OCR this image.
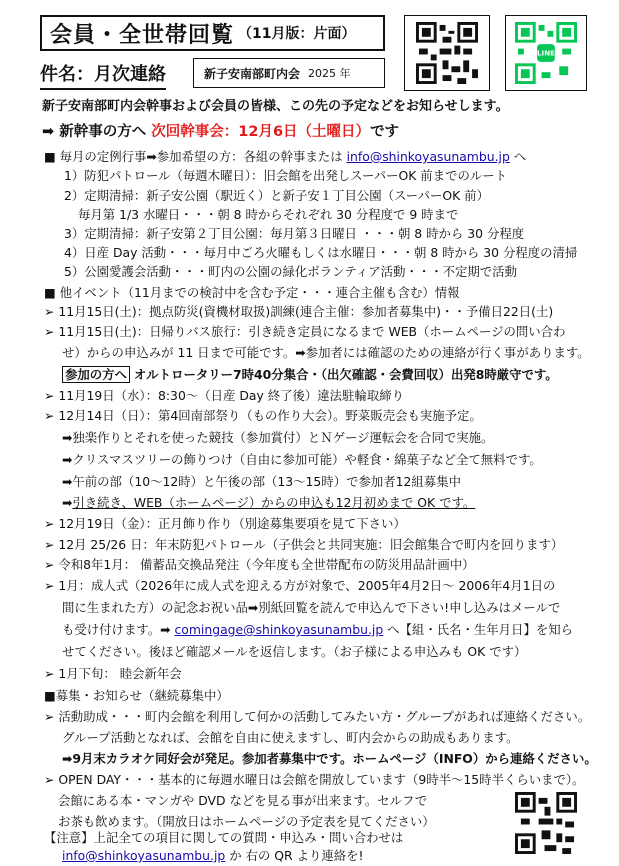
会員・全世帯回覧 （11月版：片面）
件名：月次連絡	新子安南部町内会 2025 年
LINE
新子安南部町内会幹事および会員の皆様、この先の予定などをお知らせします。
➡ 新幹事の方へ 次回幹事会：12月6日（土曜日）です
■ 毎月の定例行事➡参加希望の方：各組の幹事または info@shinkoyasunambu.jp へ
1）防犯パトロール（毎週木曜日）：旧会館を出発しスーパーOK 前までのルート
2）定期清掃：新子安公園（駅近く）と新子安１丁目公園（スーパーOK 前）
毎月第 1/3 水曜日・・・朝 8 時からそれぞれ 30 分程度で 9 時まで
3）定期清掃：新子安第２丁目公園：毎月第３日曜日 ・・・朝 8 時から 30 分程度
4）日産 Day 活動・・・毎月中ごろ火曜もしくは水曜日・・・朝 8 時から 30 分程度の清掃
5）公園愛護会活動・・・町内の公園の緑化ボランティア活動・・・不定期で活動
■ 他イベント（11月までの検討中を含む予定・・・連合主催も含む）情報
➢ 11月15日(土)：拠点防災(資機材取扱)訓練(連合主催：参加者募集中)・・予備日22日(土)
➢ 11月15日(土)：日帰りバス旅行：引き続き定員になるまで WEB（ホームページの問い合わ
せ）からの申込みが 11 日まで可能です。➡参加者には確認のための連絡が行く事があります。
参加の方へ オルトロータリー7時40分集合・（出欠確認・会費回収）出発8時厳守です。
➢ 11月19日（水）：8:30～（日産 Day 終了後）違法駐輪取締り
➢ 12月14日（日）：第4回南部祭り（もの作り大会）。野菜販売会も実施予定。
➡独楽作りとそれを使った競技（参加賞付）とＮゲージ運転会を合同で実施。
➡クリスマスツリーの飾りつけ（自由に参加可能）や軽食・綿菓子など全て無料です。
➡午前の部（10～12時）と午後の部（13～15時）で参加者12組募集中
➡引き続き、WEB（ホームページ）からの申込も12月初めまで OK です。
➢ 12月19日（金）：正月飾り作り（別途募集要項を見て下さい）
➢ 12月 25/26 日：年末防犯パトロール（子供会と共同実施：旧会館集合で町内を回ります）
➢ 令和8年1月： 備蓄品交換品発注（今年度も全世帯配布の防災用品計画中）
➢ 1月：成人式（2026年に成人式を迎える方が対象で、2005年4月2日～ 2006年4月1日の
間に生まれた方）の記念お祝い品➡別紙回覧を読んで申込んで下さい!申し込みはメールで
も受け付けます。➡ comingage@shinkoyasunambu.jp へ【組・氏名・生年月日】を知ら
せてください。後ほど確認メールを返信します。（お子様による申込みも OK です）
➢ 1月下旬： 睦会新年会
■募集・お知らせ（継続募集中）
➢ 活動助成・・・町内会館を利用して何かの活動してみたい方・グループがあれば連絡ください。
グループ活動となれば、会館を自由に使えますし、町内会からの助成もあります。
➡9月末カラオケ同好会が発足。参加者募集中です。ホームページ（INFO）から連絡ください。
➢ OPEN DAY・・・基本的に毎週水曜日は会館を開放しています（9時半～15時半くらいまで）。
会館にある本・マンガや DVD などを見る事が出来ます。セルフで
お茶も飲めます。（開放日はホームページの予定表を見てください）
【注意】上記全ての項目に関しての質問・申込み・問い合わせは
info@shinkoyasunambu.jp か 右の QR より連絡を!
